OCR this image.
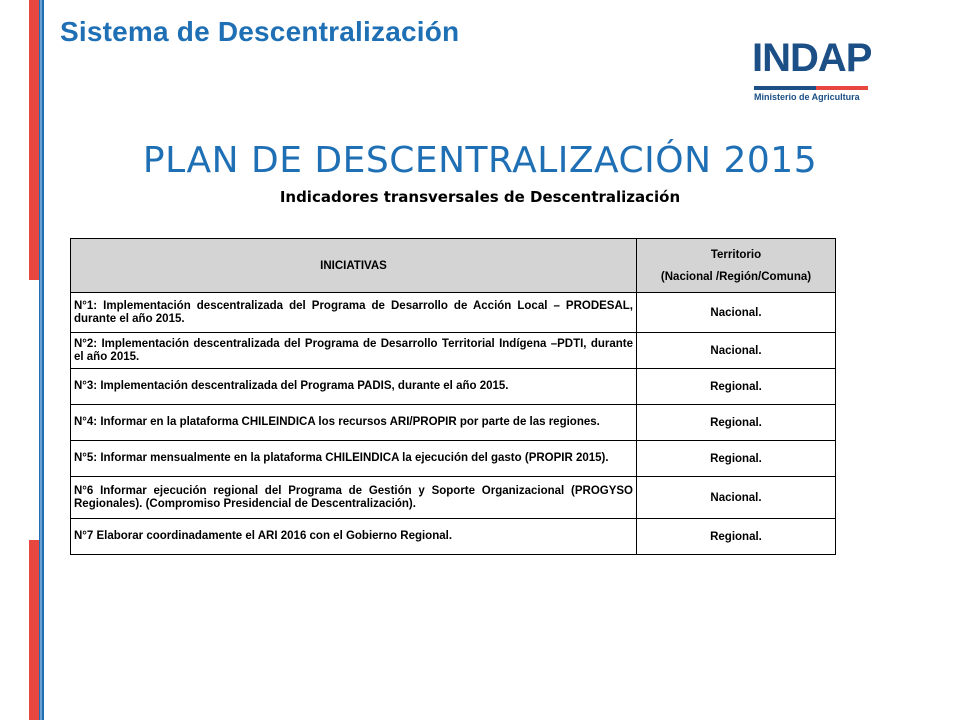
Sistema de Descentralización
INDAP
Ministerio de Agricultura
PLAN DE DESCENTRALIZACIÓN 2015
Indicadores transversales de Descentralización
INICIATIVAS	Territorio
(Nacional /Región/Comuna)

N°1: Implementación descentralizada del Programa de Desarrollo de Acción Local – PRODESAL, durante el año 2015.	Nacional.
N°2: Implementación descentralizada del Programa de Desarrollo Territorial Indígena –PDTI, durante el año 2015.	Nacional.
N°3: Implementación descentralizada del Programa PADIS, durante el año 2015.	Regional.
N°4: Informar en la plataforma CHILEINDICA los recursos ARI/PROPIR por parte de las regiones.	Regional.
N°5: Informar mensualmente en la plataforma CHILEINDICA la ejecución del gasto (PROPIR 2015).	Regional.
N°6 Informar ejecución regional del Programa de Gestión y Soporte Organizacional (PROGYSO Regionales). (Compromiso Presidencial de Descentralización).	Nacional.
N°7 Elaborar coordinadamente el ARI 2016 con el Gobierno Regional.	Regional.
